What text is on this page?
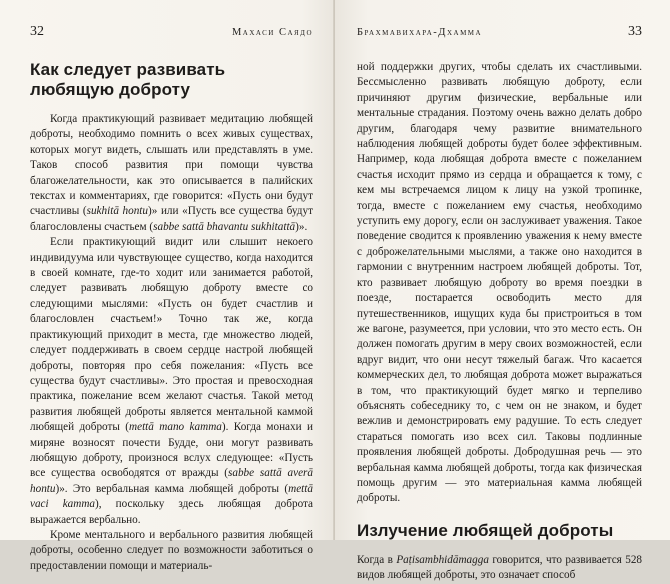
32	Махаси Саядо
Как следует развивать любящую доброту

Когда практикующий развивает медитацию любящей доброты, необходимо помнить о всех живых существах, которых могут видеть, слышать или представлять в уме. Таков способ развития при помощи чувства благожелательности, как это описывается в палийских текстах и комментариях, где говорится: «Пусть они будут счастливы (sukhitā hontu)» или «Пусть все существа будут благословлены счастьем (sabbe sattā bhavantu sukhitattā)».

Если практикующий видит или слышит некоего индивидуума или чувствующее существо, когда находится в своей комнате, где-то ходит или занимается работой, следует развивать любящую доброту вместе со следующими мыслями: «Пусть он будет счастлив и благословлен счастьем!» Точно так же, когда практикующий приходит в места, где множество людей, следует поддерживать в своем сердце настрой любящей доброты, повторяя про себя пожелания: «Пусть все существа будут счастливы». Это простая и превосходная практика, пожелание всем желают счастья. Такой метод развития любящей доброты является ментальной каммой любящей доброты (mettā mano kamma). Когда монахи и миряне возносят почести Будде, они могут развивать любящую доброту, произнося вслух следующее: «Пусть все существа освободятся от вражды (sabbe sattā averā hontu)». Это вербальная камма любящей доброты (mettā vaci kamma), поскольку здесь любящая доброта выражается вербально.

Кроме ментального и вербального развития любящей доброты, особенно следует по возможности заботиться о предоставлении помощи и материаль-

Брахмавихара-Дхамма	33

ной поддержки других, чтобы сделать их счастливыми. Бессмысленно развивать любящую доброту, если причиняют другим физические, вербальные или ментальные страдания. Поэтому очень важно делать добро другим, благодаря чему развитие внимательного наблюдения любящей доброты будет более эффективным. Например, кода любящая доброта вместе с пожеланием счастья исходит прямо из сердца и обращается к тому, с кем мы встречаемся лицом к лицу на узкой тропинке, тогда, вместе с пожеланием ему счастья, необходимо уступить ему дорогу, если он заслуживает уважения. Такое поведение сводится к проявлению уважения к нему вместе с доброжелательными мыслями, а также оно находится в гармонии с внутренним настроем любящей доброты. Тот, кто развивает любящую доброту во время поездки в поезде, постарается освободить место для путешественников, ищущих куда бы пристроиться в том же вагоне, разумеется, при условии, что это место есть. Он должен помогать другим в меру своих возможностей, если вдруг видит, что они несут тяжелый багаж. Что касается коммерческих дел, то любящая доброта может выражаться в том, что практикующий будет мягко и терпеливо объяснять собеседнику то, с чем он не знаком, и будет вежлив и демонстрировать ему радушие. То есть следует стараться помогать изо всех сил. Таковы подлинные проявления любящей доброты. Добродушная речь — это вербальная камма любящей доброты, тогда как физическая помощь другим — это материальная камма любящей доброты.

Излучение любящей доброты

Когда в Paṭisambhidāmagga говорится, что развивается 528 видов любящей доброты, это означает способ
